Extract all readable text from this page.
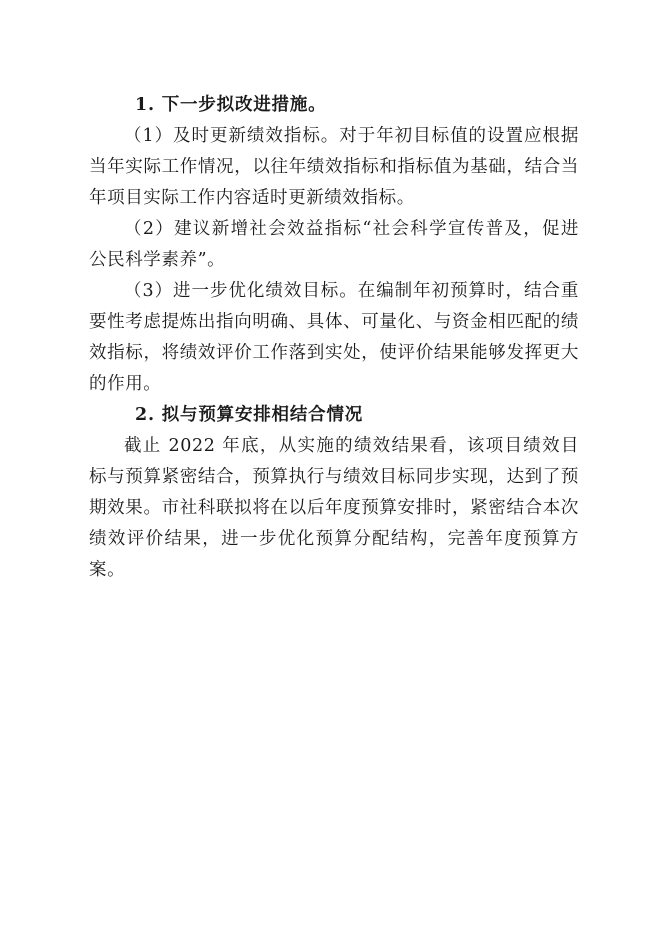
1. 下一步拟改进措施。

（1）及时更新绩效指标。对于年初目标值的设置应根据当年实际工作情况，以往年绩效指标和指标值为基础，结合当年项目实际工作内容适时更新绩效指标。

（2）建议新增社会效益指标“社会科学宣传普及，促进公民科学素养”。

（3）进一步优化绩效目标。在编制年初预算时，结合重要性考虑提炼出指向明确、具体、可量化、与资金相匹配的绩效指标，将绩效评价工作落到实处，使评价结果能够发挥更大的作用。

2. 拟与预算安排相结合情况

截止 2022 年底，从实施的绩效结果看，该项目绩效目标与预算紧密结合，预算执行与绩效目标同步实现，达到了预期效果。市社科联拟将在以后年度预算安排时，紧密结合本次绩效评价结果，进一步优化预算分配结构，完善年度预算方案。
